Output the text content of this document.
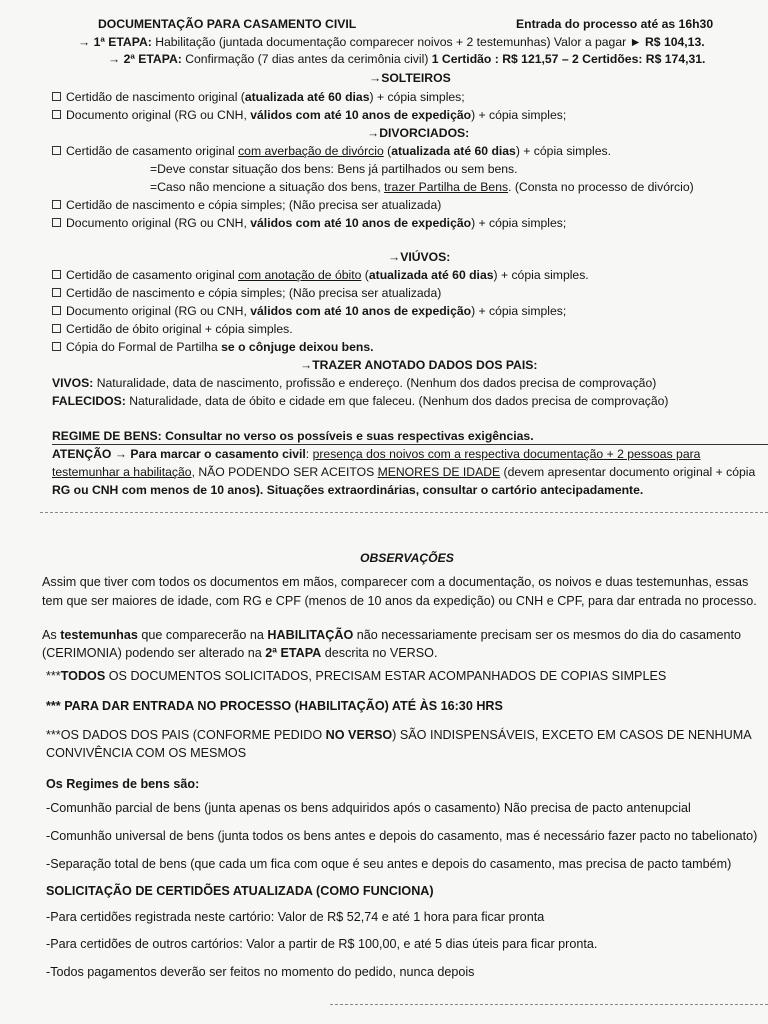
DOCUMENTAÇÃO PARA CASAMENTO CIVIL	Entrada do processo até as 16h30
→ 1ª ETAPA: Habilitação (juntada documentação comparecer noivos + 2 testemunhas) Valor a pagar ► R$ 104,13.
→ 2ª ETAPA: Confirmação (7 dias antes da cerimônia civil) 1 Certidão : R$ 121,57 – 2 Certidões: R$ 174,31.
→SOLTEIROS
Certidão de nascimento original (atualizada até 60 dias) + cópia simples;
Documento original (RG ou CNH, válidos com até 10 anos de expedição) + cópia simples;
→DIVORCIADOS:
Certidão de casamento original com averbação de divórcio (atualizada até 60 dias) + cópia simples.
=Deve constar situação dos bens: Bens já partilhados ou sem bens.
=Caso não mencione a situação dos bens, trazer Partilha de Bens. (Consta no processo de divórcio)
Certidão de nascimento e cópia simples; (Não precisa ser atualizada)
Documento original (RG ou CNH, válidos com até 10 anos de expedição) + cópia simples;
→VIÚVOS:
Certidão de casamento original com anotação de óbito (atualizada até 60 dias) + cópia simples.
Certidão de nascimento e cópia simples; (Não precisa ser atualizada)
Documento original (RG ou CNH, válidos com até 10 anos de expedição) + cópia simples;
Certidão de óbito original + cópia simples.
Cópia do Formal de Partilha se o cônjuge deixou bens.
→TRAZER ANOTADO DADOS DOS PAIS:
VIVOS: Naturalidade, data de nascimento, profissão e endereço. (Nenhum dos dados precisa de comprovação)
FALECIDOS: Naturalidade, data de óbito e cidade em que faleceu. (Nenhum dos dados precisa de comprovação)
REGIME DE BENS: Consultar no verso os possíveis e suas respectivas exigências.
ATENÇÃO → Para marcar o casamento civil: presença dos noivos com a respectiva documentação + 2 pessoas para
testemunhar a habilitação, NÃO PODENDO SER ACEITOS MENORES DE IDADE (devem apresentar documento original + cópia
RG ou CNH com menos de 10 anos). Situações extraordinárias, consultar o cartório antecipadamente.
OBSERVAÇÕES
Assim que tiver com todos os documentos em mãos, comparecer com a documentação, os noivos e duas testemunhas, essas
tem que ser maiores de idade, com RG e CPF (menos de 10 anos da expedição) ou CNH e CPF, para dar entrada no processo.
As testemunhas que comparecerão na HABILITAÇÃO não necessariamente precisam ser os mesmos do dia do casamento
(CERIMONIA) podendo ser alterado na 2ª ETAPA descrita no VERSO.
***TODOS OS DOCUMENTOS SOLICITADOS, PRECISAM ESTAR ACOMPANHADOS DE COPIAS SIMPLES
*** PARA DAR ENTRADA NO PROCESSO (HABILITAÇÃO) ATÉ ÀS 16:30 HRS
***OS DADOS DOS PAIS (CONFORME PEDIDO NO VERSO) SÃO INDISPENSÁVEIS, EXCETO EM CASOS DE NENHUMA
CONVIVÊNCIA COM OS MESMOS
Os Regimes de bens são:
-Comunhão parcial de bens (junta apenas os bens adquiridos após o casamento) Não precisa de pacto antenupcial
-Comunhão universal de bens (junta todos os bens antes e depois do casamento, mas é necessário fazer pacto no tabelionato)
-Separação total de bens (que cada um fica com oque é seu antes e depois do casamento, mas precisa de pacto também)
SOLICITAÇÃO DE CERTIDÕES ATUALIZADA (COMO FUNCIONA)
-Para certidões registrada neste cartório: Valor de R$ 52,74 e até 1 hora para ficar pronta
-Para certidões de outros cartórios: Valor a partir de R$ 100,00, e até 5 dias úteis para ficar pronta.
-Todos pagamentos deverão ser feitos no momento do pedido, nunca depois
